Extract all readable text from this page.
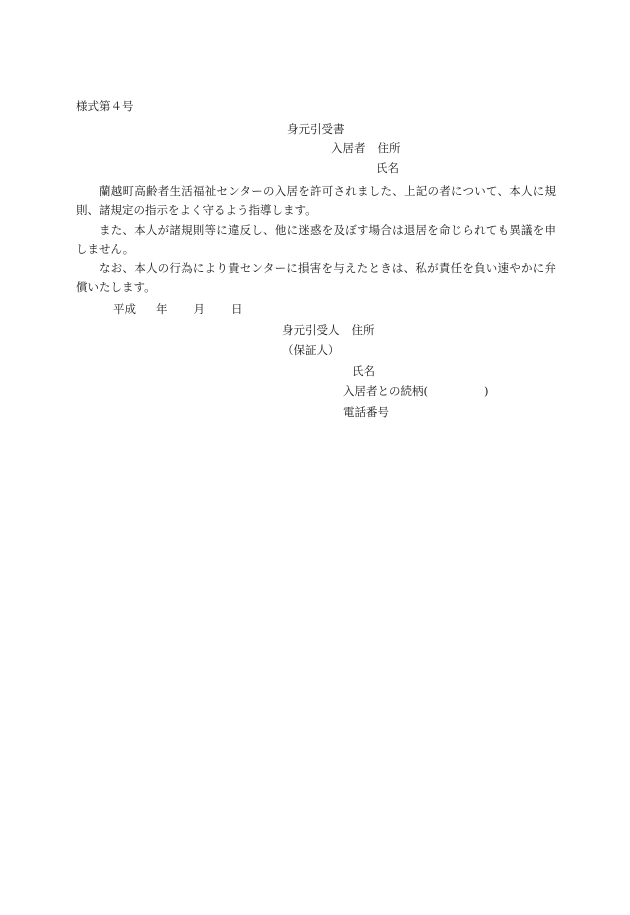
様式第４号

身元引受書

入居者 住所

氏名

蘭越町高齢者生活福祉センターの入居を許可されました、上記の者について、本人に規則、諸規定の指示をよく守るよう指導します。

また、本人が諸規則等に違反し、他に迷惑を及ぼす場合は退居を命じられても異議を申しません。

なお、本人の行為により貴センターに損害を与えたときは、私が責任を負い速やかに弁償いたします。

平成 年 月 日

身元引受人 住所

（保証人）

氏名

入居者との続柄(	)

電話番号
